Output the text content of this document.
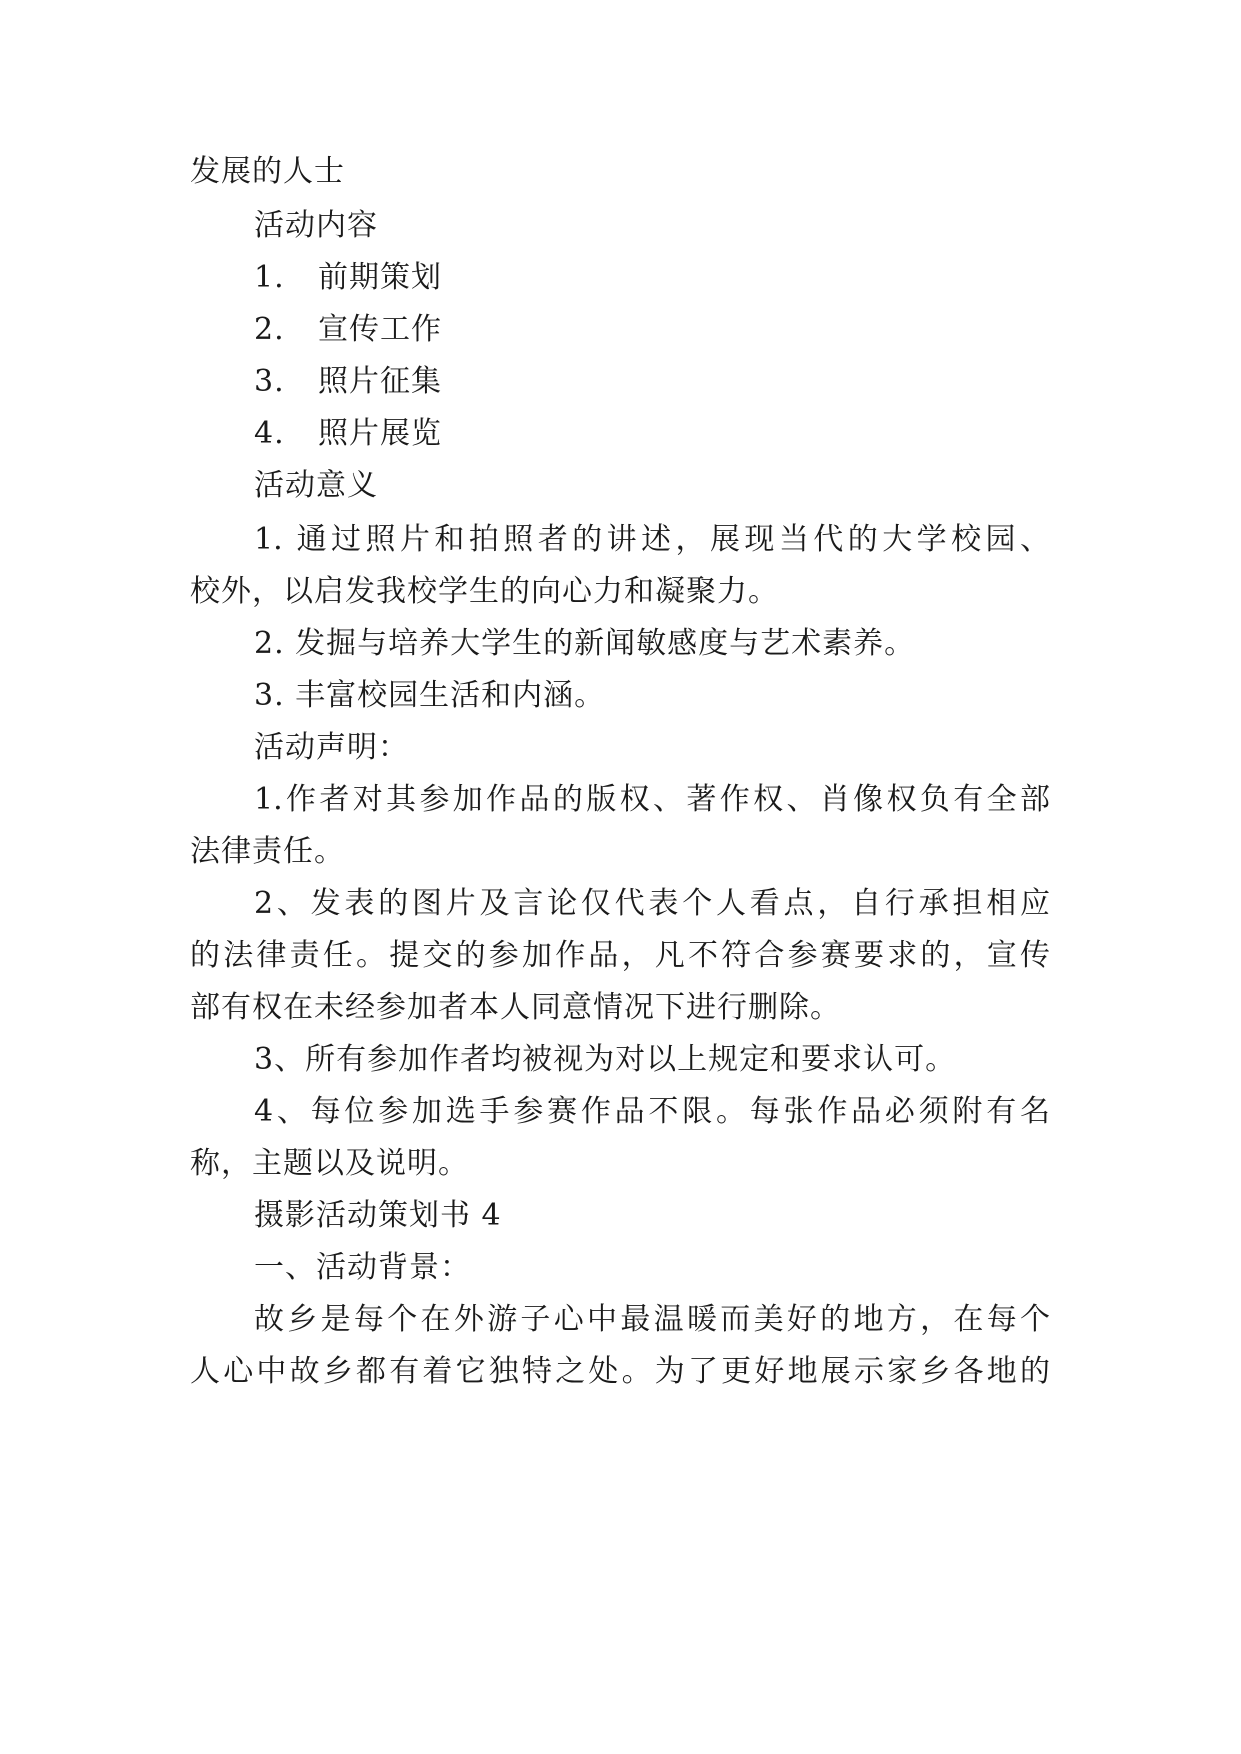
发展的人士
活动内容
1. 前期策划
2. 宣传工作
3. 照片征集
4. 照片展览
活动意义
1. 通过照片和拍照者的讲述，展现当代的大学校园、
校外，以启发我校学生的向心力和凝聚力。
2. 发掘与培养大学生的新闻敏感度与艺术素养。
3. 丰富校园生活和内涵。
活动声明：
1.作者对其参加作品的版权、著作权、肖像权负有全部
法律责任。
2、发表的图片及言论仅代表个人看点，自行承担相应
的法律责任。提交的参加作品，凡不符合参赛要求的，宣传
部有权在未经参加者本人同意情况下进行删除。
3、所有参加作者均被视为对以上规定和要求认可。
4、每位参加选手参赛作品不限。每张作品必须附有名
称，主题以及说明。
摄影活动策划书 4
一、活动背景：
故乡是每个在外游子心中最温暖而美好的地方，在每个
人心中故乡都有着它独特之处。为了更好地展示家乡各地的
